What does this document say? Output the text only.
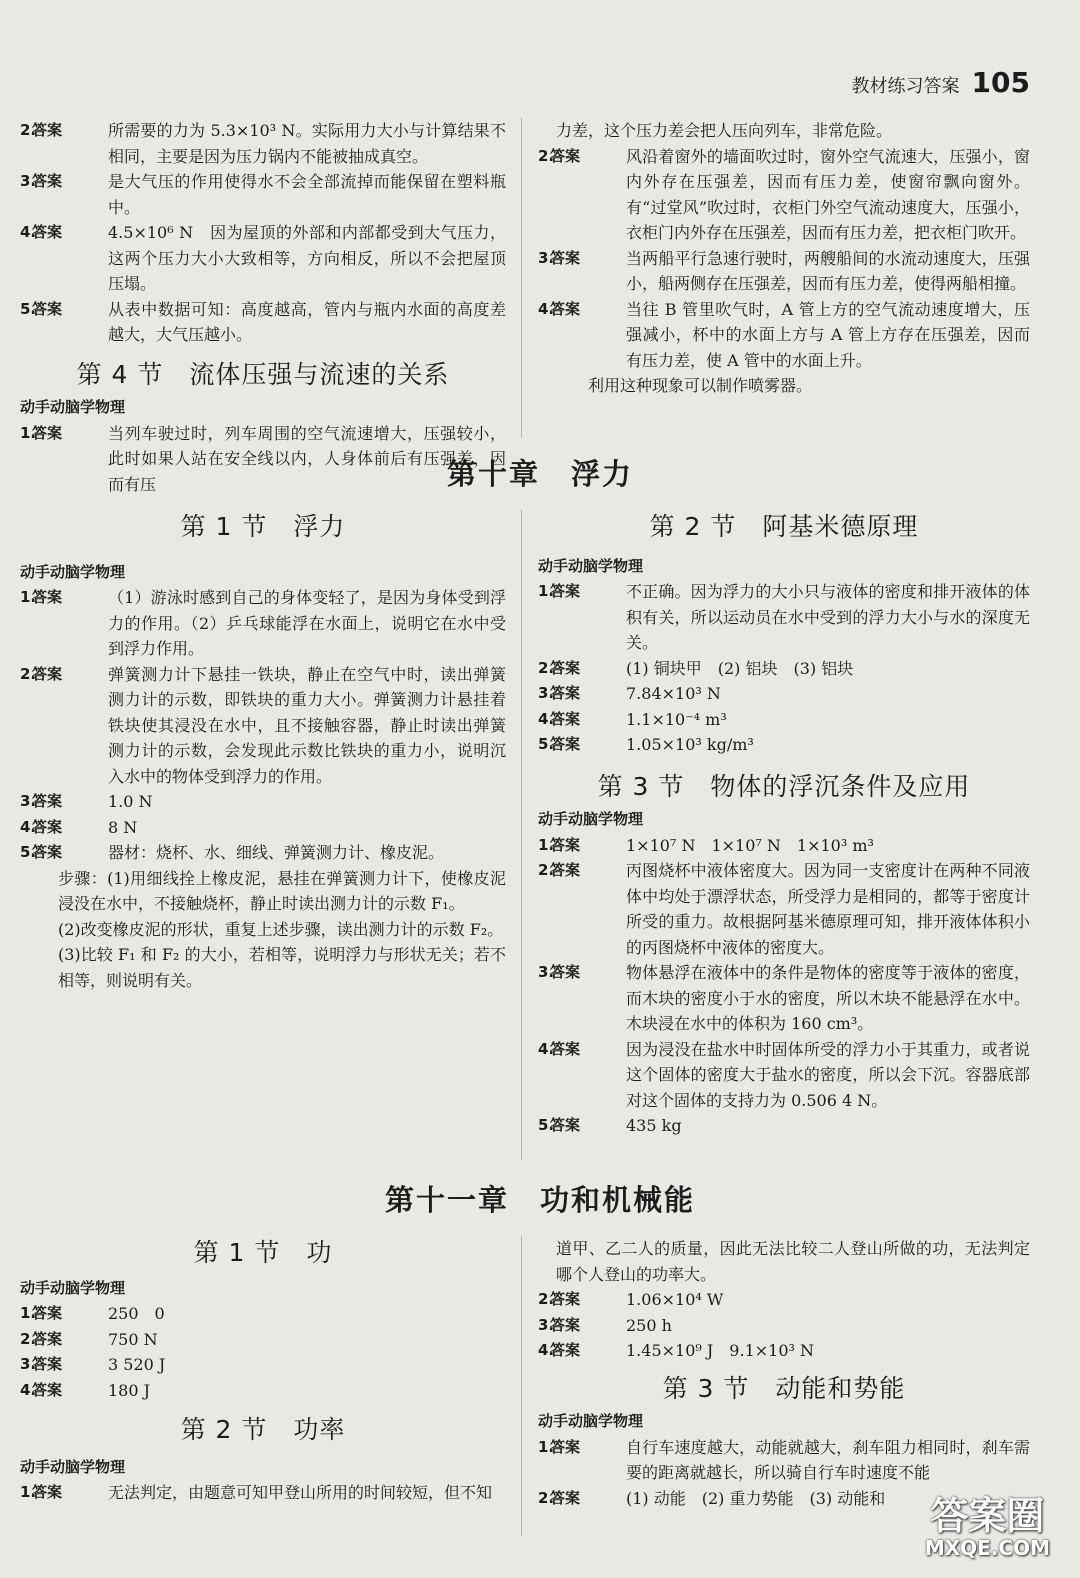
教材练习答案 105
2.
答案	所需要的力为 5.3×10³ N。实际用力大小与计算结果不相同，主要是因为压力锅内不能被抽成真空。
3.
答案	是大气压的作用使得水不会全部流掉而能保留在塑料瓶中。
4.
答案	4.5×10⁶ N　因为屋顶的外部和内部都受到大气压力，这两个压力大小大致相等，方向相反，所以不会把屋顶压塌。
5.
答案	从表中数据可知：高度越高，管内与瓶内水面的高度差越大，大气压越小。
第 4 节　流体压强与流速的关系
动手动脑学物理
1.
答案	当列车驶过时，列车周围的空气流速增大，压强较小，此时如果人站在安全线以内，人身体前后有压强差，因而有压
力差，这个压力差会把人压向列车，非常危险。
2.
答案	风沿着窗外的墙面吹过时，窗外空气流速大，压强小，窗内外存在压强差，因而有压力差，使窗帘飘向窗外。有“过堂风”吹过时，衣柜门外空气流动速度大，压强小，衣柜门内外存在压强差，因而有压力差，把衣柜门吹开。
3.
答案	当两船平行急速行驶时，两艘船间的水流动速度大，压强小，船两侧存在压强差，因而有压力差，使得两船相撞。
4.
答案	当往 B 管里吹气时，A 管上方的空气流动速度增大，压强减小，杯中的水面上方与 A 管上方存在压强差，因而有压力差，使 A 管中的水面上升。
利用这种现象可以制作喷雾器。
第十章　浮力
第 1 节　浮力
动手动脑学物理
1.
答案	（1）游泳时感到自己的身体变轻了，是因为身体受到浮力的作用。（2）乒乓球能浮在水面上，说明它在水中受到浮力作用。
2.
答案	弹簧测力计下悬挂一铁块，静止在空气中时，读出弹簧测力计的示数，即铁块的重力大小。弹簧测力计悬挂着铁块使其浸没在水中，且不接触容器，静止时读出弹簧测力计的示数，会发现此示数比铁块的重力小，说明沉入水中的物体受到浮力的作用。
3.
答案	1.0 N
4.
答案	8 N
5.
答案	器材：烧杯、水、细线、弹簧测力计、橡皮泥。
步骤：(1)用细线拴上橡皮泥，悬挂在弹簧测力计下，使橡皮泥浸没在水中，不接触烧杯，静止时读出测力计的示数 F₁。
(2)改变橡皮泥的形状，重复上述步骤，读出测力计的示数 F₂。
(3)比较 F₁ 和 F₂ 的大小，若相等，说明浮力与形状无关；若不相等，则说明有关。
第 2 节　阿基米德原理
动手动脑学物理
1.
答案	不正确。因为浮力的大小只与液体的密度和排开液体的体积有关，所以运动员在水中受到的浮力大小与水的深度无关。
2.
答案	(1) 铜块甲　(2) 铝块　(3) 铝块
3.
答案	7.84×10³ N
4.
答案	1.1×10⁻⁴ m³
5.
答案	1.05×10³ kg/m³
第 3 节　物体的浮沉条件及应用
动手动脑学物理
1.
答案	1×10⁷ N　1×10⁷ N　1×10³ m³
2.
答案	丙图烧杯中液体密度大。因为同一支密度计在两种不同液体中均处于漂浮状态，所受浮力是相同的，都等于密度计所受的重力。故根据阿基米德原理可知，排开液体体积小的丙图烧杯中液体的密度大。
3.
答案	物体悬浮在液体中的条件是物体的密度等于液体的密度，而木块的密度小于水的密度，所以木块不能悬浮在水中。木块浸在水中的体积为 160 cm³。
4.
答案	因为浸没在盐水中时固体所受的浮力小于其重力，或者说这个固体的密度大于盐水的密度，所以会下沉。容器底部对这个固体的支持力为 0.506 4 N。
5.
答案	435 kg
第十一章　功和机械能
第 1 节　功
动手动脑学物理
1.
答案	250　0
2.
答案	750 N
3.
答案	3 520 J
4.
答案	180 J
第 2 节　功率
动手动脑学物理
1.
答案	无法判定，由题意可知甲登山所用的时间较短，但不知
道甲、乙二人的质量，因此无法比较二人登山所做的功，无法判定哪个人登山的功率大。
2.
答案	1.06×10⁴ W
3.
答案	250 h
4.
答案	1.45×10⁹ J　9.1×10³ N
第 3 节　动能和势能
动手动脑学物理
1.
答案	自行车速度越大，动能就越大，刹车阻力相同时，刹车需要的距离就越长，所以骑自行车时速度不能
2.
答案	(1) 动能　(2) 重力势能　(3) 动能和	答案圈
MXQE.COM
